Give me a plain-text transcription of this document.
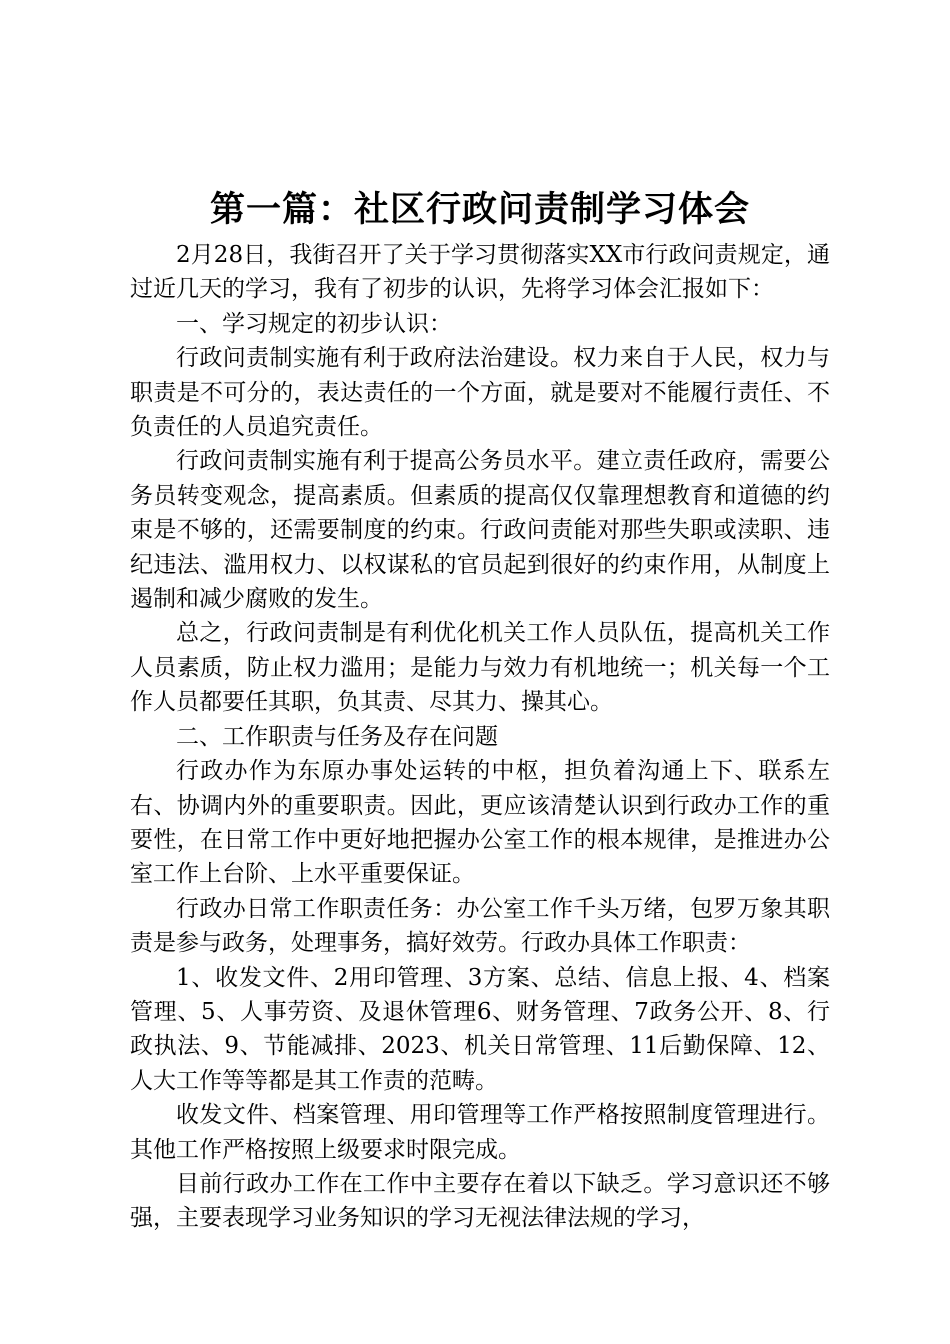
第一篇：社区行政问责制学习体会

2月28日，我街召开了关于学习贯彻落实XX市行政问责规定，通过近几天的学习，我有了初步的认识，先将学习体会汇报如下：

一、学习规定的初步认识：

行政问责制实施有利于政府法治建设。权力来自于人民，权力与职责是不可分的，表达责任的一个方面，就是要对不能履行责任、不负责任的人员追究责任。

行政问责制实施有利于提高公务员水平。建立责任政府，需要公务员转变观念，提高素质。但素质的提高仅仅靠理想教育和道德的约束是不够的，还需要制度的约束。行政问责能对那些失职或渎职、违纪违法、滥用权力、以权谋私的官员起到很好的约束作用，从制度上遏制和减少腐败的发生。

总之，行政问责制是有利优化机关工作人员队伍，提高机关工作人员素质，防止权力滥用；是能力与效力有机地统一；机关每一个工作人员都要任其职，负其责、尽其力、操其心。

二、工作职责与任务及存在问题

行政办作为东原办事处运转的中枢，担负着沟通上下、联系左右、协调内外的重要职责。因此，更应该清楚认识到行政办工作的重要性，在日常工作中更好地把握办公室工作的根本规律，是推进办公室工作上台阶、上水平重要保证。

行政办日常工作职责任务：办公室工作千头万绪，包罗万象其职责是参与政务，处理事务，搞好效劳。行政办具体工作职责：

1、收发文件、2用印管理、3方案、总结、信息上报、4、档案管理、5、人事劳资、及退休管理6、财务管理、7政务公开、8、行政执法、9、节能减排、2023、机关日常管理、11后勤保障、12、人大工作等等都是其工作责的范畴。

收发文件、档案管理、用印管理等工作严格按照制度管理进行。其他工作严格按照上级要求时限完成。

目前行政办工作在工作中主要存在着以下缺乏。学习意识还不够强，主要表现学习业务知识的学习无视法律法规的学习，
